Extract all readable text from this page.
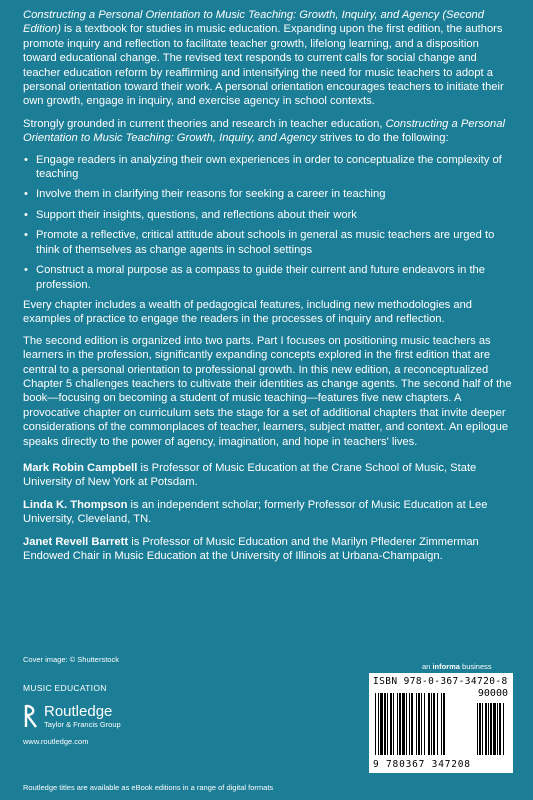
Constructing a Personal Orientation to Music Teaching: Growth, Inquiry, and Agency (Second Edition) is a textbook for studies in music education. Expanding upon the first edition, the authors promote inquiry and reflection to facilitate teacher growth, lifelong learning, and a disposition toward educational change. The revised text responds to current calls for social change and teacher education reform by reaffirming and intensifying the need for music teachers to adopt a personal orientation toward their work. A personal orientation encourages teachers to initiate their own growth, engage in inquiry, and exercise agency in school contexts.

Strongly grounded in current theories and research in teacher education, Constructing a Personal Orientation to Music Teaching: Growth, Inquiry, and Agency strives to do the following:

• Engage readers in analyzing their own experiences in order to conceptualize the complexity of teaching
• Involve them in clarifying their reasons for seeking a career in teaching
• Support their insights, questions, and reflections about their work
• Promote a reflective, critical attitude about schools in general as music teachers are urged to think of themselves as change agents in school settings
• Construct a moral purpose as a compass to guide their current and future endeavors in the profession.

Every chapter includes a wealth of pedagogical features, including new methodologies and examples of practice to engage the readers in the processes of inquiry and reflection.

The second edition is organized into two parts. Part I focuses on positioning music teachers as learners in the profession, significantly expanding concepts explored in the first edition that are central to a personal orientation to professional growth. In this new edition, a reconceptualized Chapter 5 challenges teachers to cultivate their identities as change agents. The second half of the book—focusing on becoming a student of music teaching—features five new chapters. A provocative chapter on curriculum sets the stage for a set of additional chapters that invite deeper considerations of the commonplaces of teacher, learners, subject matter, and context. An epilogue speaks directly to the power of agency, imagination, and hope in teachers' lives.

Mark Robin Campbell is Professor of Music Education at the Crane School of Music, State University of New York at Potsdam.

Linda K. Thompson is an independent scholar; formerly Professor of Music Education at Lee University, Cleveland, TN.

Janet Revell Barrett is Professor of Music Education and the Marilyn Pflederer Zimmerman Endowed Chair in Music Education at the University of Illinois at Urbana-Champaign.

Cover image: © Shutterstock
MUSIC EDUCATION
Routledge
Taylor & Francis Group
www.routledge.com
an informa business
ISBN 978-0-367-34720-8
90000
9 780367 347208
Routledge titles are available as eBook editions in a range of digital formats
